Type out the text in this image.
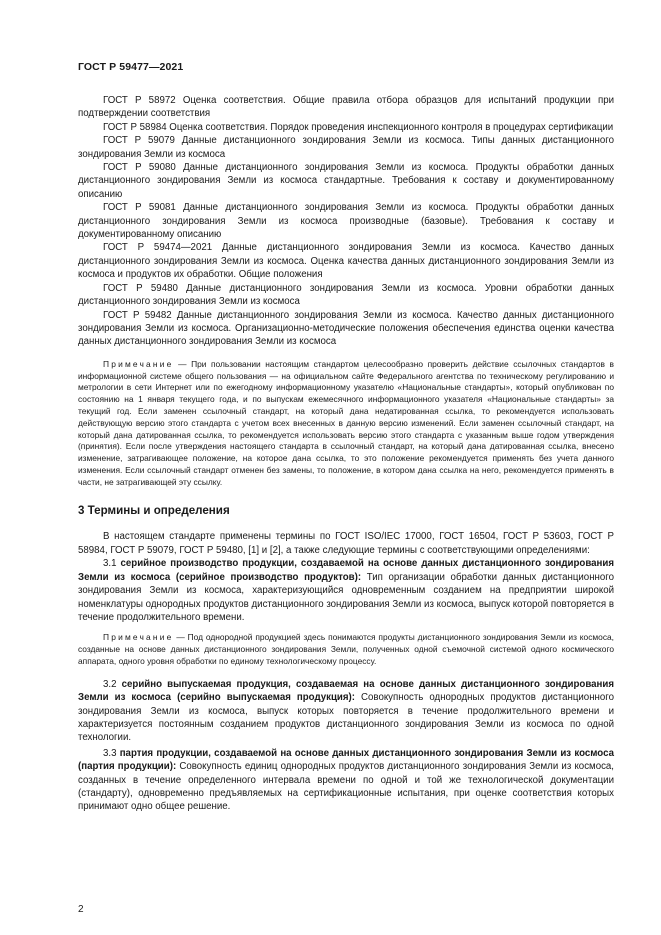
ГОСТ Р 59477—2021

ГОСТ Р 58972 Оценка соответствия. Общие правила отбора образцов для испытаний продукции при подтверждении соответствия

ГОСТ Р 58984 Оценка соответствия. Порядок проведения инспекционного контроля в процедурах сертификации

ГОСТ Р 59079 Данные дистанционного зондирования Земли из космоса. Типы данных дистанционного зондирования Земли из космоса

ГОСТ Р 59080 Данные дистанционного зондирования Земли из космоса. Продукты обработки данных дистанционного зондирования Земли из космоса стандартные. Требования к составу и документированному описанию

ГОСТ Р 59081 Данные дистанционного зондирования Земли из космоса. Продукты обработки данных дистанционного зондирования Земли из космоса производные (базовые). Требования к составу и документированному описанию

ГОСТ Р 59474—2021 Данные дистанционного зондирования Земли из космоса. Качество данных дистанционного зондирования Земли из космоса. Оценка качества данных дистанционного зондирования Земли из космоса и продуктов их обработки. Общие положения

ГОСТ Р 59480 Данные дистанционного зондирования Земли из космоса. Уровни обработки данных дистанционного зондирования Земли из космоса

ГОСТ Р 59482 Данные дистанционного зондирования Земли из космоса. Качество данных дистанционного зондирования Земли из космоса. Организационно-методические положения обеспечения единства оценки качества данных дистанционного зондирования Земли из космоса

Примечание — При пользовании настоящим стандартом целесообразно проверить действие ссылочных стандартов в информационной системе общего пользования — на официальном сайте Федерального агентства по техническому регулированию и метрологии в сети Интернет или по ежегодному информационному указателю «Национальные стандарты», который опубликован по состоянию на 1 января текущего года, и по выпускам ежемесячного информационного указателя «Национальные стандарты» за текущий год. Если заменен ссылочный стандарт, на который дана недатированная ссылка, то рекомендуется использовать действующую версию этого стандарта с учетом всех внесенных в данную версию изменений. Если заменен ссылочный стандарт, на который дана датированная ссылка, то рекомендуется использовать версию этого стандарта с указанным выше годом утверждения (принятия). Если после утверждения настоящего стандарта в ссылочный стандарт, на который дана датированная ссылка, внесено изменение, затрагивающее положение, на которое дана ссылка, то это положение рекомендуется применять без учета данного изменения. Если ссылочный стандарт отменен без замены, то положение, в котором дана ссылка на него, рекомендуется применять в части, не затрагивающей эту ссылку.

3 Термины и определения

В настоящем стандарте применены термины по ГОСТ ISO/IEC 17000, ГОСТ 16504, ГОСТ Р 53603, ГОСТ Р 58984, ГОСТ Р 59079, ГОСТ Р 59480, [1] и [2], а также следующие термины с соответствующими определениями:

3.1 серийное производство продукции, создаваемой на основе данных дистанционного зондирования Земли из космоса (серийное производство продуктов): Тип организации обработки данных дистанционного зондирования Земли из космоса, характеризующийся одновременным созданием на предприятии широкой номенклатуры однородных продуктов дистанционного зондирования Земли из космоса, выпуск которой повторяется в течение продолжительного времени.

Примечание — Под однородной продукцией здесь понимаются продукты дистанционного зондирования Земли из космоса, созданные на основе данных дистанционного зондирования Земли, полученных одной съемочной системой одного космического аппарата, одного уровня обработки по единому технологическому процессу.

3.2 серийно выпускаемая продукция, создаваемая на основе данных дистанционного зондирования Земли из космоса (серийно выпускаемая продукция): Совокупность однородных продуктов дистанционного зондирования Земли из космоса, выпуск которых повторяется в течение продолжительного времени и характеризуется постоянным созданием продуктов дистанционного зондирования Земли из космоса по одной технологии.

3.3 партия продукции, создаваемой на основе данных дистанционного зондирования Земли из космоса (партия продукции): Совокупность единиц однородных продуктов дистанционного зондирования Земли из космоса, созданных в течение определенного интервала времени по одной и той же технологической документации (стандарту), одновременно предъявляемых на сертификационные испытания, при оценке соответствия которых принимают одно общее решение.

2
